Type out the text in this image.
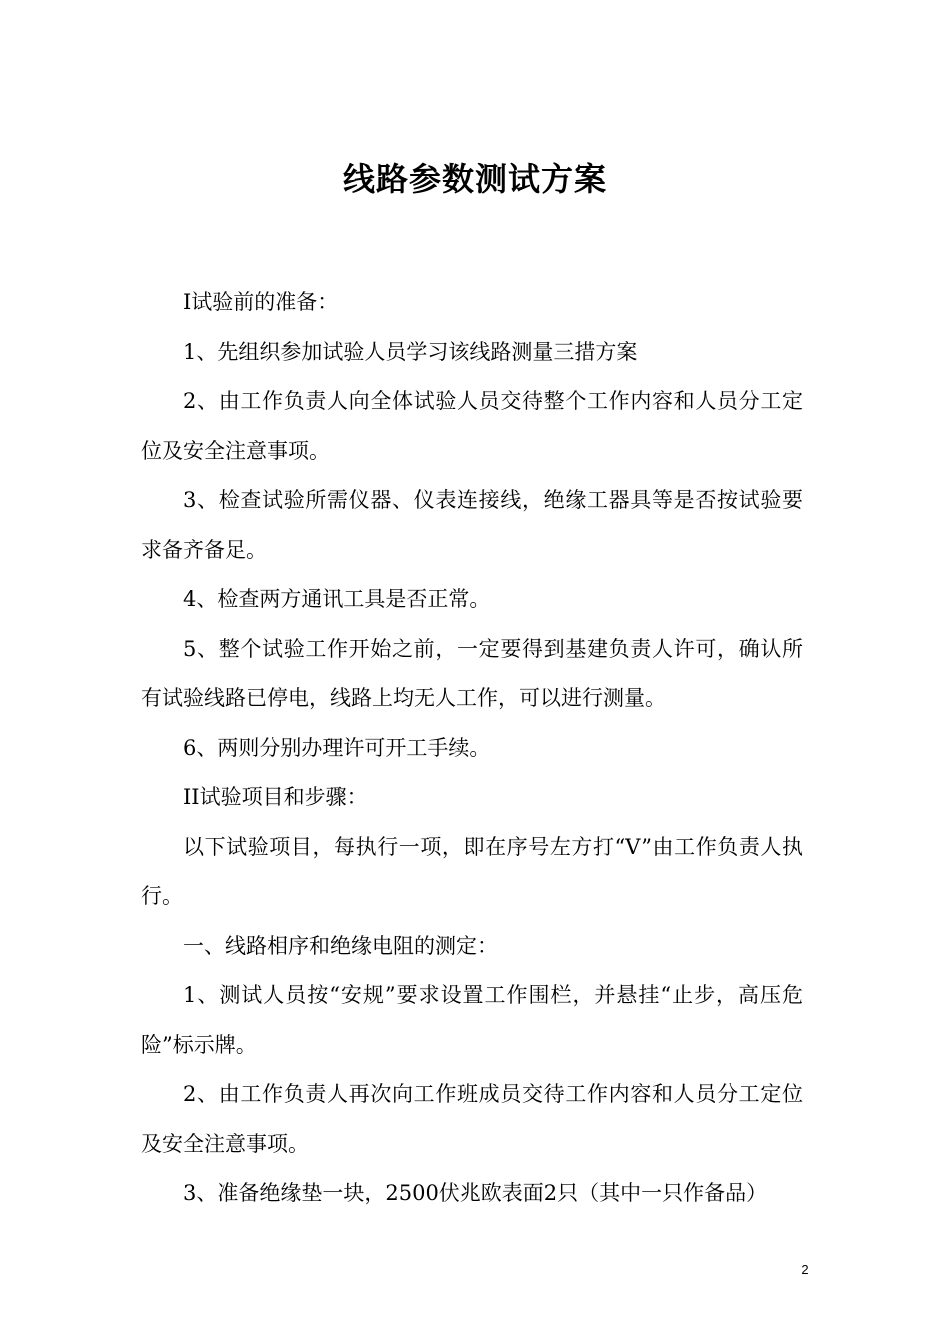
线路参数测试方案

I试验前的准备：

1、先组织参加试验人员学习该线路测量三措方案

2、由工作负责人向全体试验人员交待整个工作内容和人员分工定位及安全注意事项。

3、检查试验所需仪器、仪表连接线，绝缘工器具等是否按试验要求备齐备足。

4、检查两方通讯工具是否正常。

5、整个试验工作开始之前，一定要得到基建负责人许可，确认所有试验线路已停电，线路上均无人工作，可以进行测量。

6、两则分别办理许可开工手续。

II试验项目和步骤：

以下试验项目，每执行一项，即在序号左方打“V”由工作负责人执行。

一、线路相序和绝缘电阻的测定：

1、测试人员按“安规”要求设置工作围栏，并悬挂“止步，高压危险”标示牌。

2、由工作负责人再次向工作班成员交待工作内容和人员分工定位及安全注意事项。

3、准备绝缘垫一块，2500伏兆欧表面2只（其中一只作备品）

2
